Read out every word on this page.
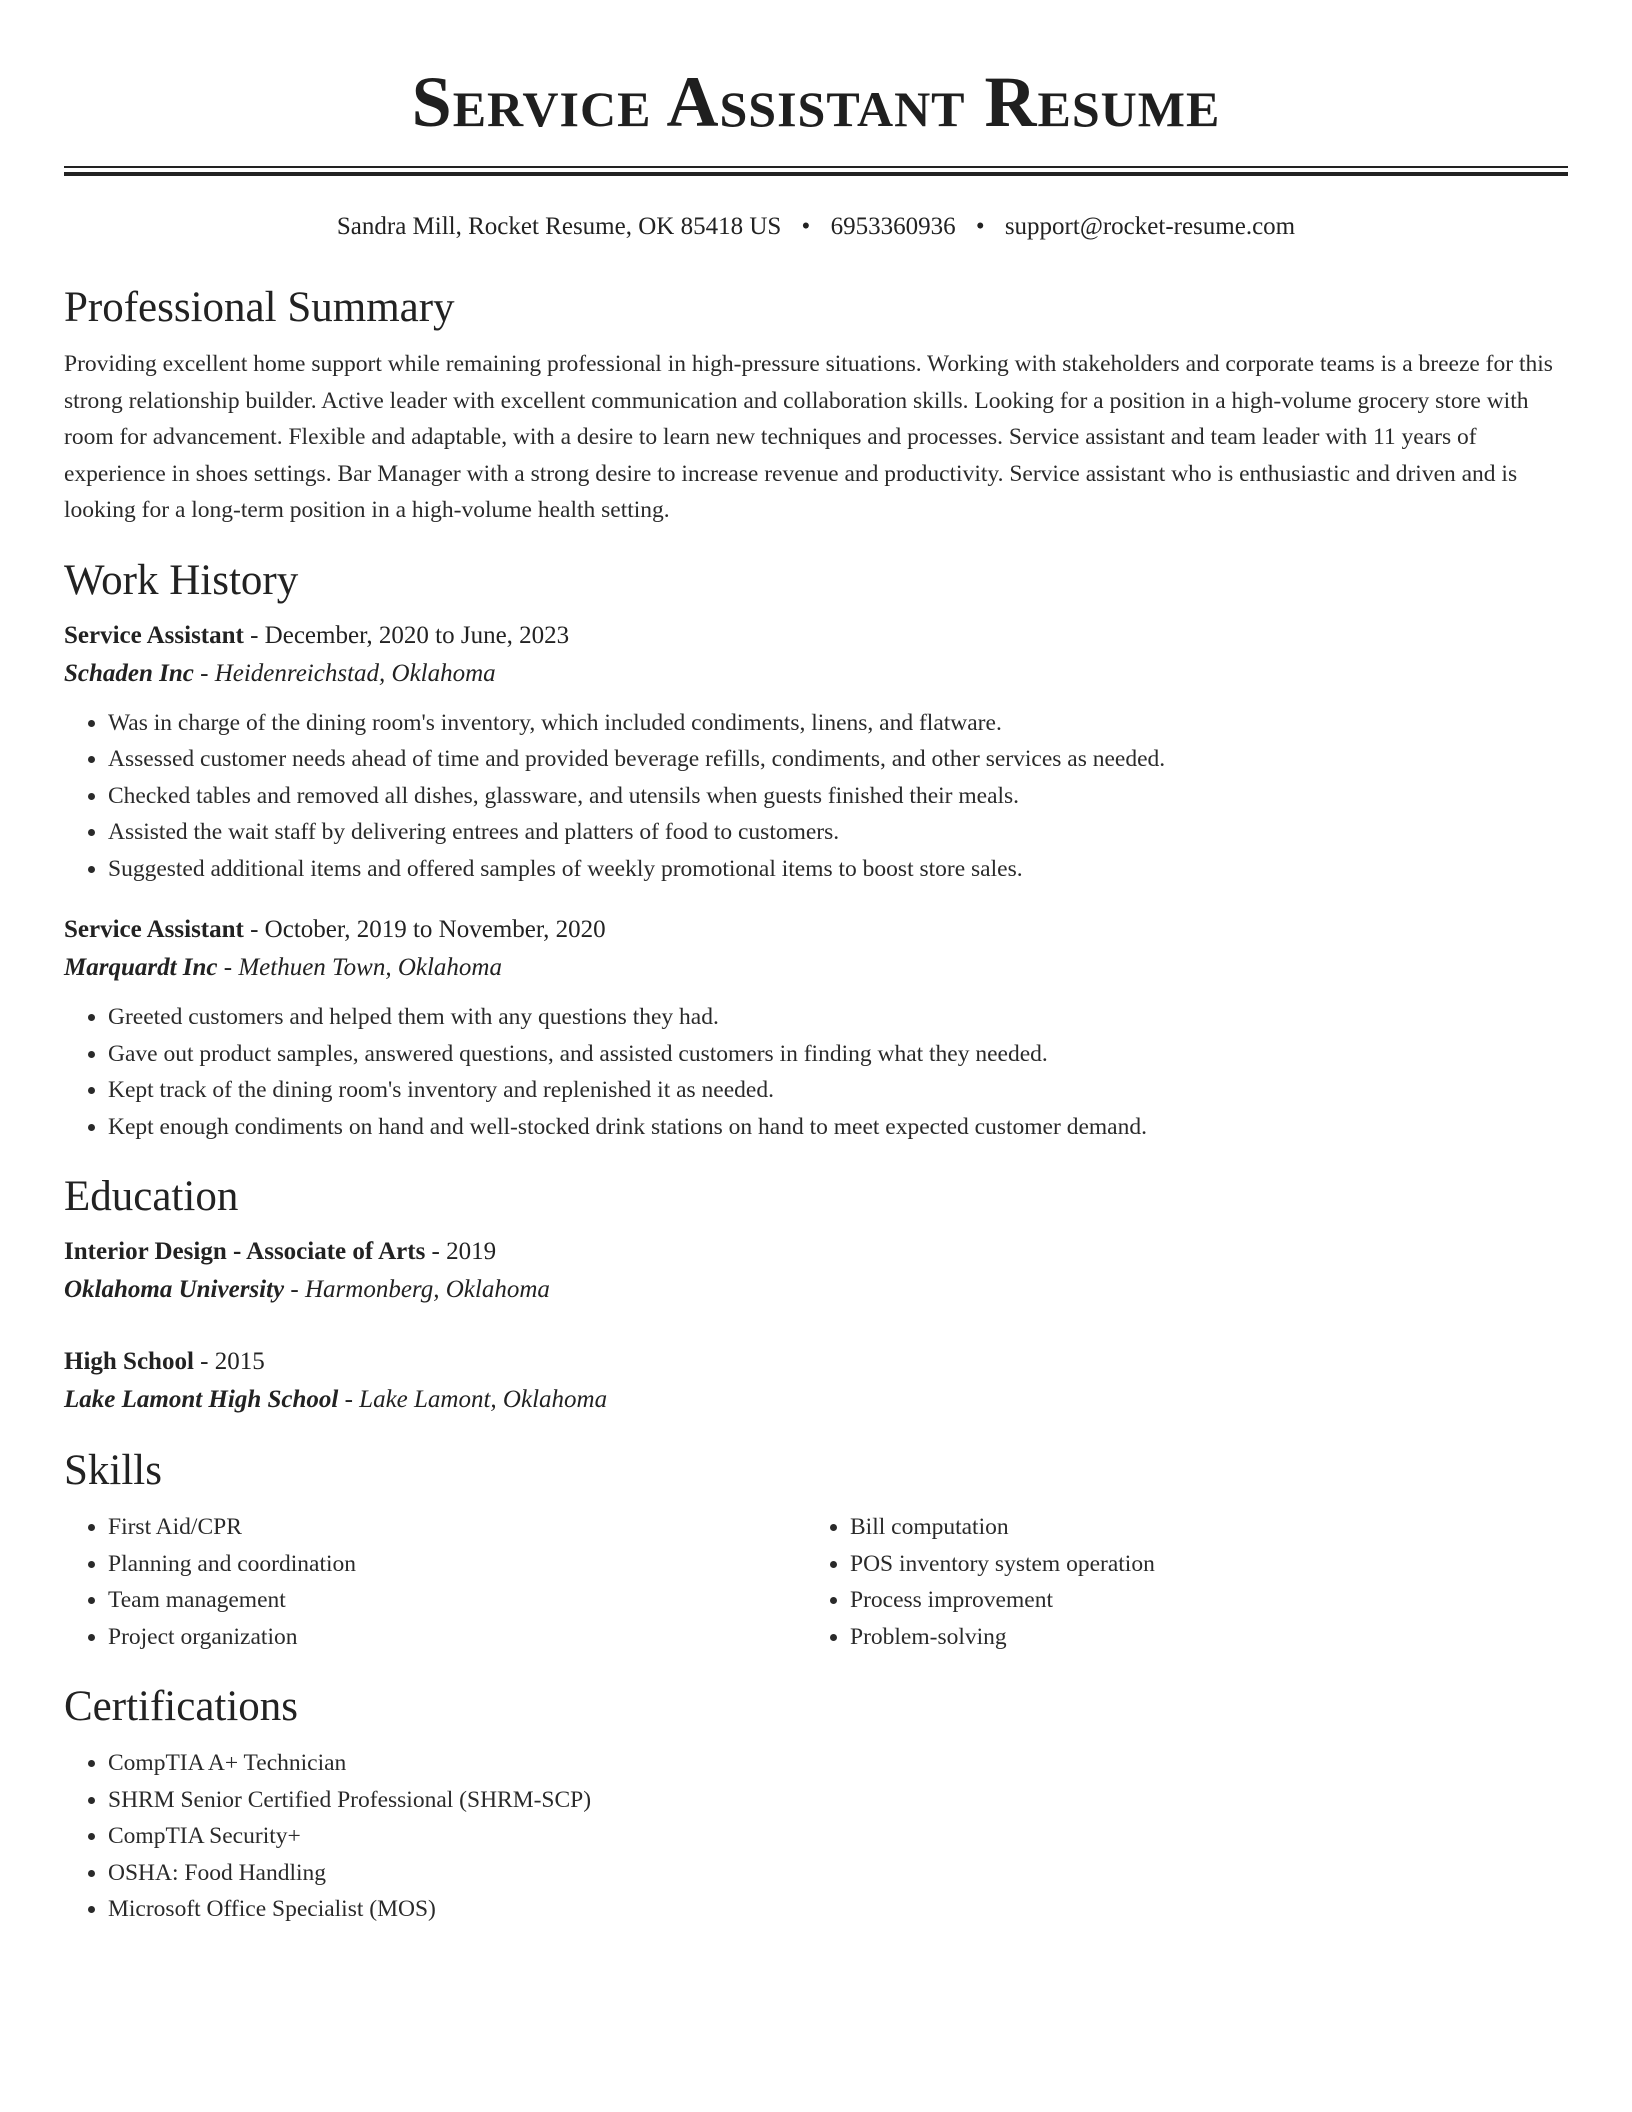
Service Assistant Resume
Sandra Mill, Rocket Resume, OK 85418 US • 6953360936 • support@rocket-resume.com
Professional Summary
Providing excellent home support while remaining professional in high-pressure situations. Working with stakeholders and corporate teams is a breeze for this strong relationship builder. Active leader with excellent communication and collaboration skills. Looking for a position in a high-volume grocery store with room for advancement. Flexible and adaptable, with a desire to learn new techniques and processes. Service assistant and team leader with 11 years of experience in shoes settings. Bar Manager with a strong desire to increase revenue and productivity. Service assistant who is enthusiastic and driven and is looking for a long-term position in a high-volume health setting.
Work History
Service Assistant - December, 2020 to June, 2023
Schaden Inc - Heidenreichstad, Oklahoma
• Was in charge of the dining room's inventory, which included condiments, linens, and flatware.
• Assessed customer needs ahead of time and provided beverage refills, condiments, and other services as needed.
• Checked tables and removed all dishes, glassware, and utensils when guests finished their meals.
• Assisted the wait staff by delivering entrees and platters of food to customers.
• Suggested additional items and offered samples of weekly promotional items to boost store sales.
Service Assistant - October, 2019 to November, 2020
Marquardt Inc - Methuen Town, Oklahoma
• Greeted customers and helped them with any questions they had.
• Gave out product samples, answered questions, and assisted customers in finding what they needed.
• Kept track of the dining room's inventory and replenished it as needed.
• Kept enough condiments on hand and well-stocked drink stations on hand to meet expected customer demand.
Education
Interior Design - Associate of Arts - 2019
Oklahoma University - Harmonberg, Oklahoma
High School - 2015
Lake Lamont High School - Lake Lamont, Oklahoma
Skills
• First Aid/CPR
• Planning and coordination
• Team management
• Project organization
• Bill computation
• POS inventory system operation
• Process improvement
• Problem-solving
Certifications
• CompTIA A+ Technician
• SHRM Senior Certified Professional (SHRM-SCP)
• CompTIA Security+
• OSHA: Food Handling
• Microsoft Office Specialist (MOS)
